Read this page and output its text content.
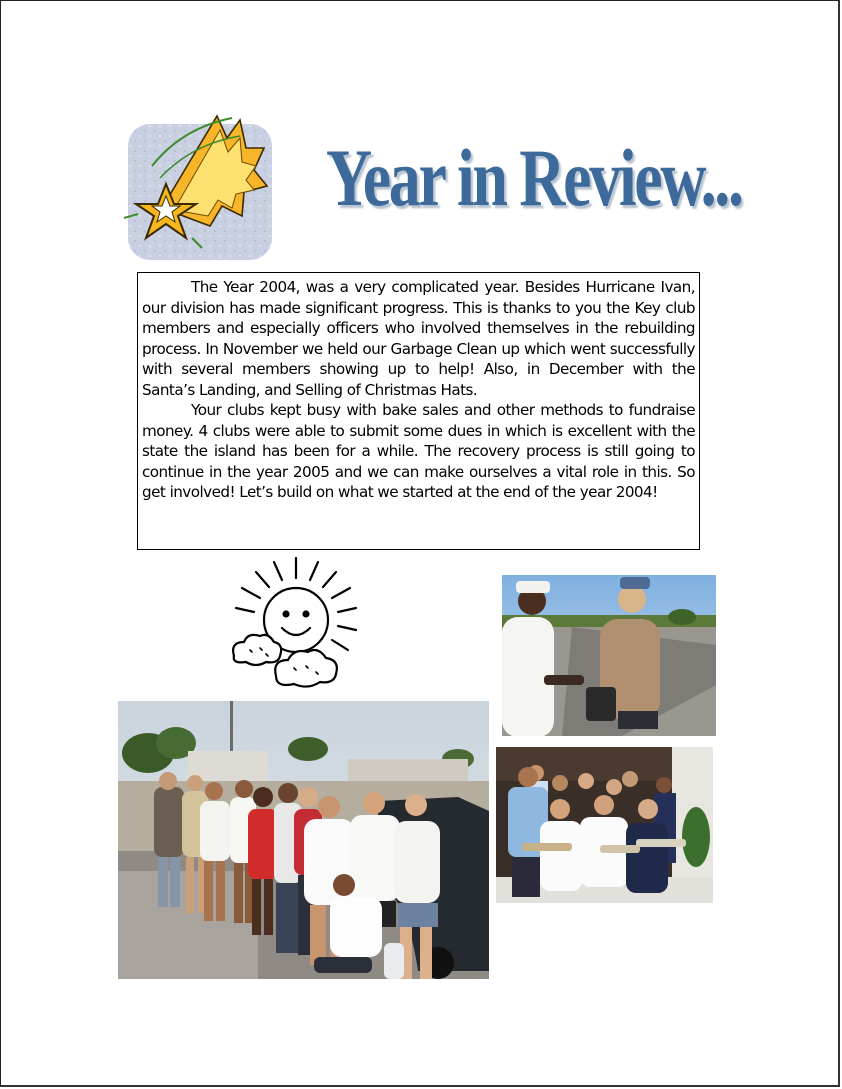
Year in Review...

The Year 2004, was a very complicated year. Besides Hurricane Ivan, our division has made significant progress. This is thanks to you the Key club members and especially officers who involved themselves in the rebuilding process. In November we held our Garbage Clean up which went successfully with several members showing up to help! Also, in December with the Santa’s Landing, and Selling of Christmas Hats.

Your clubs kept busy with bake sales and other methods to fundraise money. 4 clubs were able to submit some dues in which is excellent with the state the island has been for a while. The recovery process is still going to continue in the year 2005 and we can make ourselves a vital role in this. So get involved! Let’s build on what we started at the end of the year 2004!
